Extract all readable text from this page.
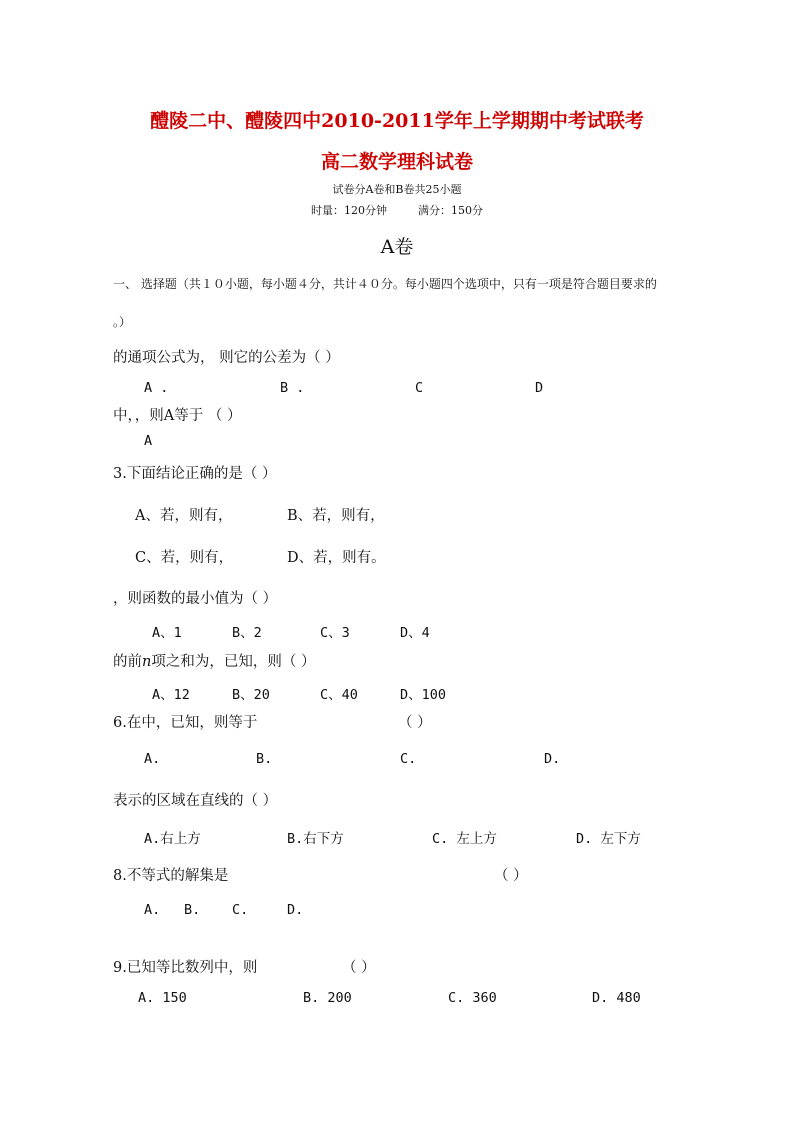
醴陵二中、醴陵四中2010-2011学年上学期期中考试联考
高二数学理科试卷
试卷分A卷和B卷共25小题
时量：120分钟	满分：150分
A卷
一、 选择题（共１０小题，每小题４分，共计４０分。每小题四个选项中，只有一项是符合题目要求的
。）
的通项公式为， 则它的公差为（ ）
A .	B .	C	D
中，，则A等于 （ ）
A
3.下面结论正确的是（ ）
A、若，则有，	B、若，则有，
C、若，则有，	D、若，则有。
，则函数的最小值为（ ）
A、1	B、2	C、3	D、4
的前n项之和为，已知，则（ ）
A、12	B、20	C、40	D、100
6.在中，已知，则等于	（ ）
A.	B.	C.	D.
表示的区域在直线的（ ）
A.右上方	B.右下方	C. 左上方	D. 左下方
8.不等式的解集是	（ ）
A. B. C.	D.
9.已知等比数列中，则	（ ）
A. 150	B. 200	C. 360	D. 480
